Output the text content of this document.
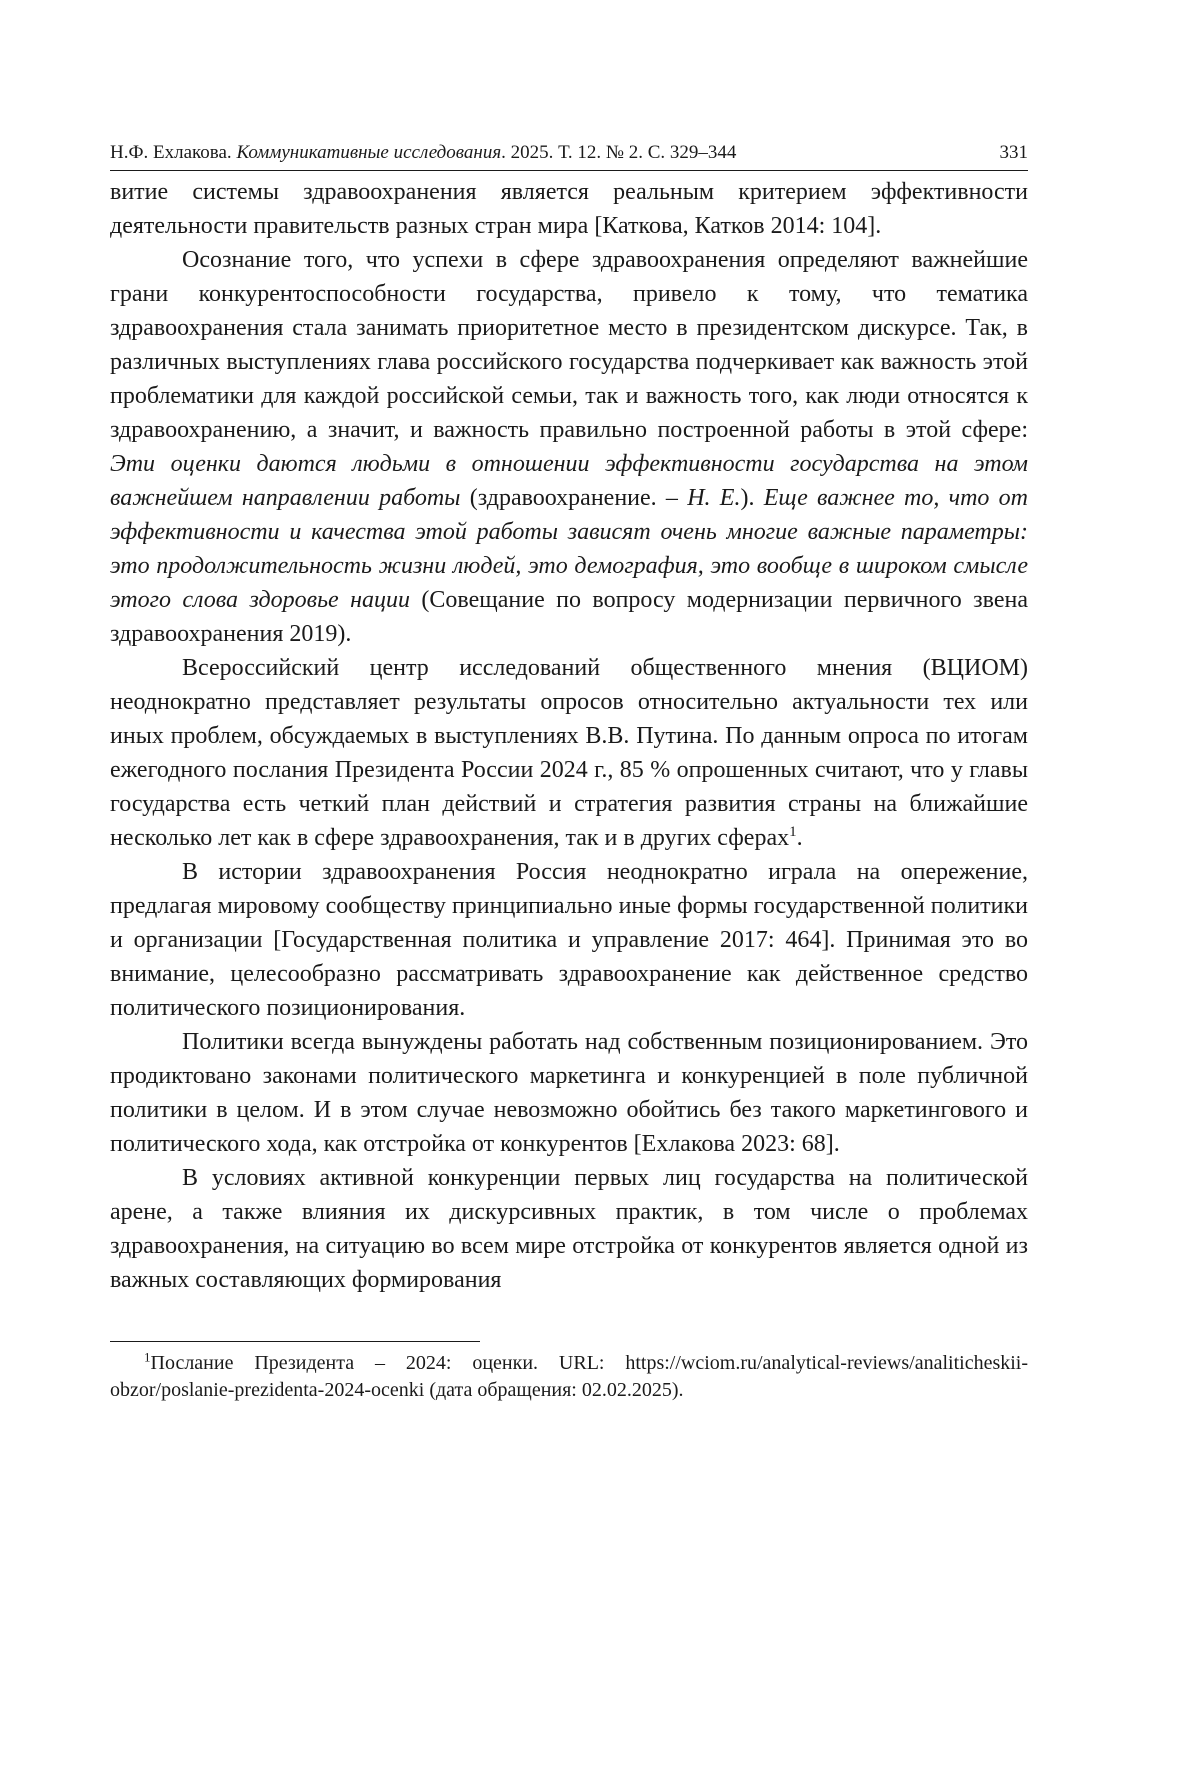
Н.Ф. Ехлакова. Коммуникативные исследования. 2025. Т. 12. № 2. С. 329–344	331

витие системы здравоохранения является реальным критерием эффективности деятельности правительств разных стран мира [Каткова, Катков 2014: 104].

Осознание того, что успехи в сфере здравоохранения определяют важнейшие грани конкурентоспособности государства, привело к тому, что тематика здравоохранения стала занимать приоритетное место в президентском дискурсе. Так, в различных выступлениях глава российского государства подчеркивает как важность этой проблематики для каждой российской семьи, так и важность того, как люди относятся к здравоохранению, а значит, и важность правильно построенной работы в этой сфере: Эти оценки даются людьми в отношении эффективности государства на этом важнейшем направлении работы (здравоохранение. – Н. Е.). Еще важнее то, что от эффективности и качества этой работы зависят очень многие важные параметры: это продолжительность жизни людей, это демография, это вообще в широком смысле этого слова здоровье нации (Совещание по вопросу модернизации первичного звена здравоохранения 2019).

Всероссийский центр исследований общественного мнения (ВЦИОМ) неоднократно представляет результаты опросов относительно актуальности тех или иных проблем, обсуждаемых в выступлениях В.В. Путина. По данным опроса по итогам ежегодного послания Президента России 2024 г., 85 % опрошенных считают, что у главы государства есть четкий план действий и стратегия развития страны на ближайшие несколько лет как в сфере здравоохранения, так и в других сферах$^1$.

В истории здравоохранения Россия неоднократно играла на опережение, предлагая мировому сообществу принципиально иные формы государственной политики и организации [Государственная политика и управление 2017: 464]. Принимая это во внимание, целесообразно рассматривать здравоохранение как действенное средство политического позиционирования.

Политики всегда вынуждены работать над собственным позиционированием. Это продиктовано законами политического маркетинга и конкуренцией в поле публичной политики в целом. И в этом случае невозможно обойтись без такого маркетингового и политического хода, как отстройка от конкурентов [Ехлакова 2023: 68].

В условиях активной конкуренции первых лиц государства на политической арене, а также влияния их дискурсивных практик, в том числе о проблемах здравоохранения, на ситуацию во всем мире отстройка от конкурентов является одной из важных составляющих формирования

$^1$Послание Президента – 2024: оценки. URL: https://wciom.ru/analytical-reviews/analiticheskii-obzor/poslanie-prezidenta-2024-ocenki (дата обращения: 02.02.2025).
